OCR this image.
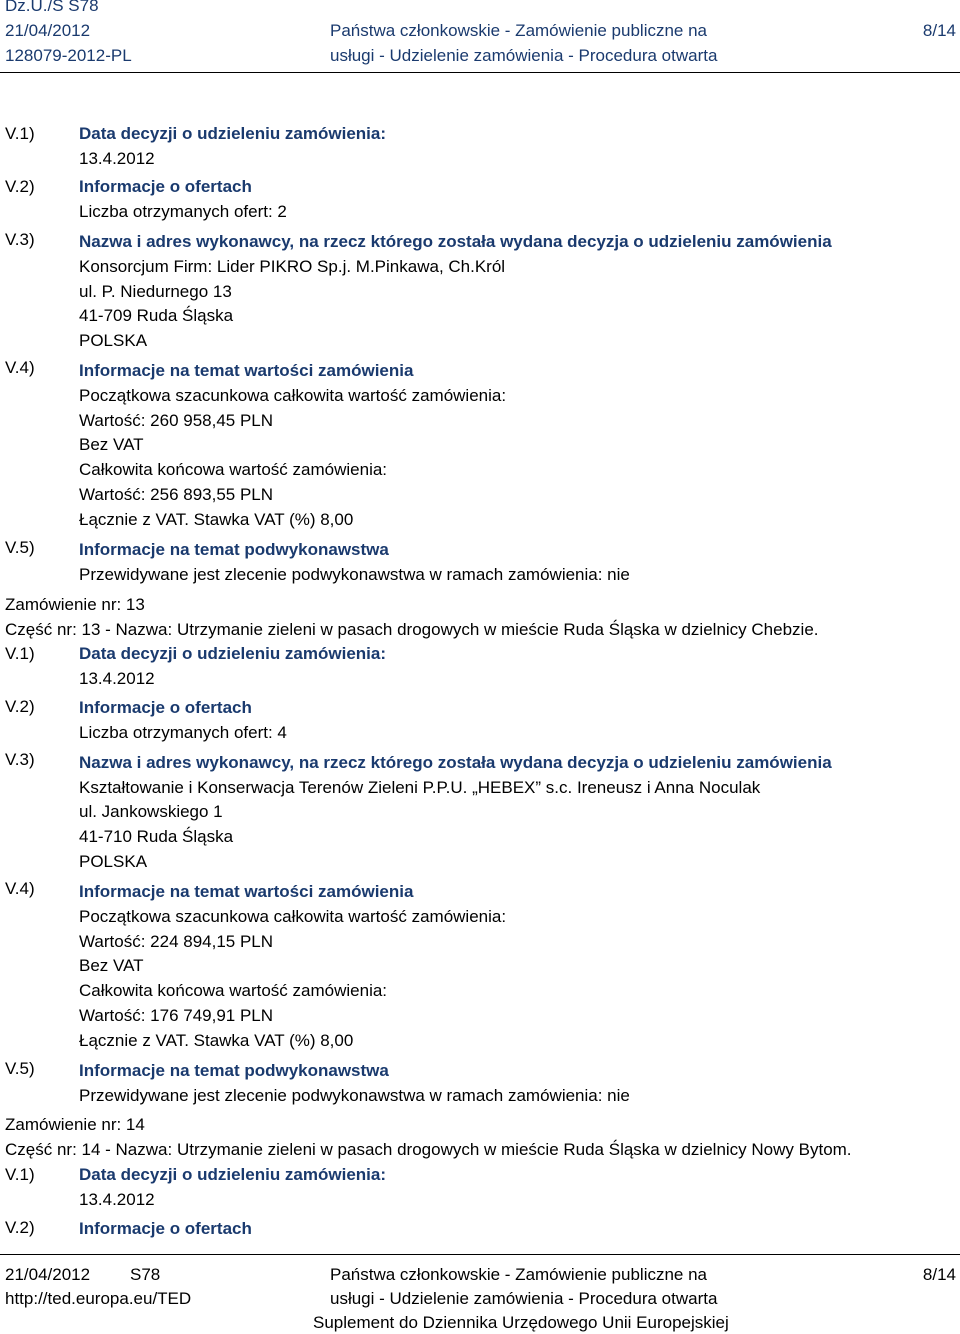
Dz.U./S S78
21/04/2012
128079-2012-PL
Państwa członkowskie - Zamówienie publiczne na
usługi - Udzielenie zamówienia - Procedura otwarta
8/14
V.1)	Data decyzji o udzieleniu zamówienia:
13.4.2012
V.2)	Informacje o ofertach
Liczba otrzymanych ofert: 2
V.3)	Nazwa i adres wykonawcy, na rzecz którego została wydana decyzja o udzieleniu zamówienia
Konsorcjum Firm: Lider PIKRO Sp.j. M.Pinkawa, Ch.Król
ul. P. Niedurnego 13
41-709 Ruda Śląska
POLSKA
V.4)	Informacje na temat wartości zamówienia
Początkowa szacunkowa całkowita wartość zamówienia:
Wartość: 260 958,45 PLN
Bez VAT
Całkowita końcowa wartość zamówienia:
Wartość: 256 893,55 PLN
Łącznie z VAT. Stawka VAT (%) 8,00
V.5)	Informacje na temat podwykonawstwa
Przewidywane jest zlecenie podwykonawstwa w ramach zamówienia: nie
Zamówienie nr: 13
Część nr: 13 - Nazwa: Utrzymanie zieleni w pasach drogowych w mieście Ruda Śląska w dzielnicy Chebzie.
V.1)	Data decyzji o udzieleniu zamówienia:
13.4.2012
V.2)	Informacje o ofertach
Liczba otrzymanych ofert: 4
V.3)	Nazwa i adres wykonawcy, na rzecz którego została wydana decyzja o udzieleniu zamówienia
Kształtowanie i Konserwacja Terenów Zieleni P.P.U. „HEBEX” s.c. Ireneusz i Anna Noculak
ul. Jankowskiego 1
41-710 Ruda Śląska
POLSKA
V.4)	Informacje na temat wartości zamówienia
Początkowa szacunkowa całkowita wartość zamówienia:
Wartość: 224 894,15 PLN
Bez VAT
Całkowita końcowa wartość zamówienia:
Wartość: 176 749,91 PLN
Łącznie z VAT. Stawka VAT (%) 8,00
V.5)	Informacje na temat podwykonawstwa
Przewidywane jest zlecenie podwykonawstwa w ramach zamówienia: nie
Zamówienie nr: 14
Część nr: 14 - Nazwa: Utrzymanie zieleni w pasach drogowych w mieście Ruda Śląska w dzielnicy Nowy Bytom.
V.1)	Data decyzji o udzieleniu zamówienia:
13.4.2012
V.2)	Informacje o ofertach
21/04/2012 S78
http://ted.europa.eu/TED
Państwa członkowskie - Zamówienie publiczne na
usługi - Udzielenie zamówienia - Procedura otwarta
Suplement do Dziennika Urzędowego Unii Europejskiej
8/14
